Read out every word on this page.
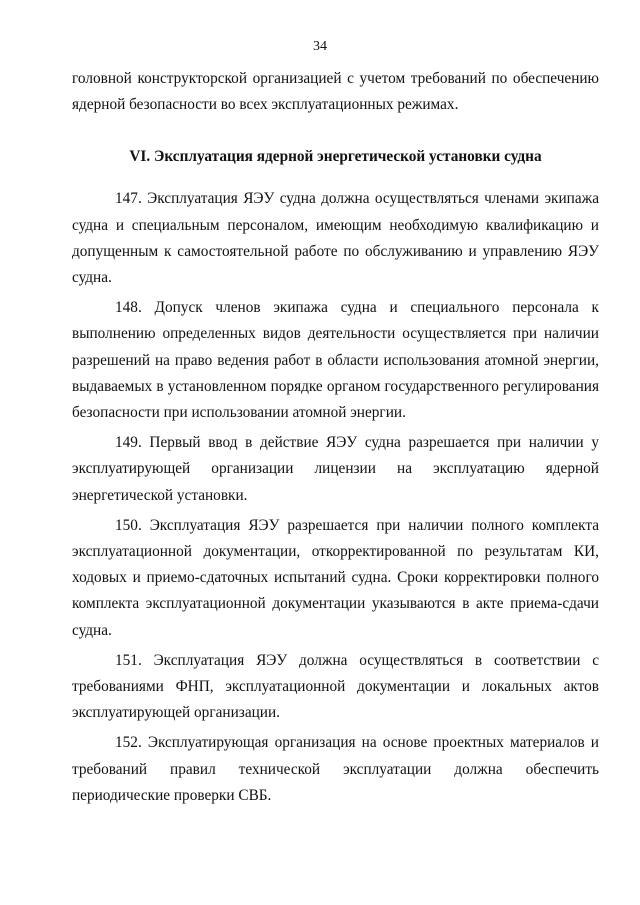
34

головной конструкторской организацией с учетом требований по обеспечению ядерной безопасности во всех эксплуатационных режимах.

VI. Эксплуатация ядерной энергетической установки судна

147. Эксплуатация ЯЭУ судна должна осуществляться членами экипажа судна и специальным персоналом, имеющим необходимую квалификацию и допущенным к самостоятельной работе по обслуживанию и управлению ЯЭУ судна.

148. Допуск членов экипажа судна и специального персонала к выполнению определенных видов деятельности осуществляется при наличии разрешений на право ведения работ в области использования атомной энергии, выдаваемых в установленном порядке органом государственного регулирования безопасности при использовании атомной энергии.

149. Первый ввод в действие ЯЭУ судна разрешается при наличии у эксплуатирующей организации лицензии на эксплуатацию ядерной энергетической установки.

150. Эксплуатация ЯЭУ разрешается при наличии полного комплекта эксплуатационной документации, откорректированной по результатам КИ, ходовых и приемо-сдаточных испытаний судна. Сроки корректировки полного комплекта эксплуатационной документации указываются в акте приема-сдачи судна.

151. Эксплуатация ЯЭУ должна осуществляться в соответствии с требованиями ФНП, эксплуатационной документации и локальных актов эксплуатирующей организации.

152. Эксплуатирующая организация на основе проектных материалов и требований правил технической эксплуатации должна обеспечить периодические проверки СВБ.
